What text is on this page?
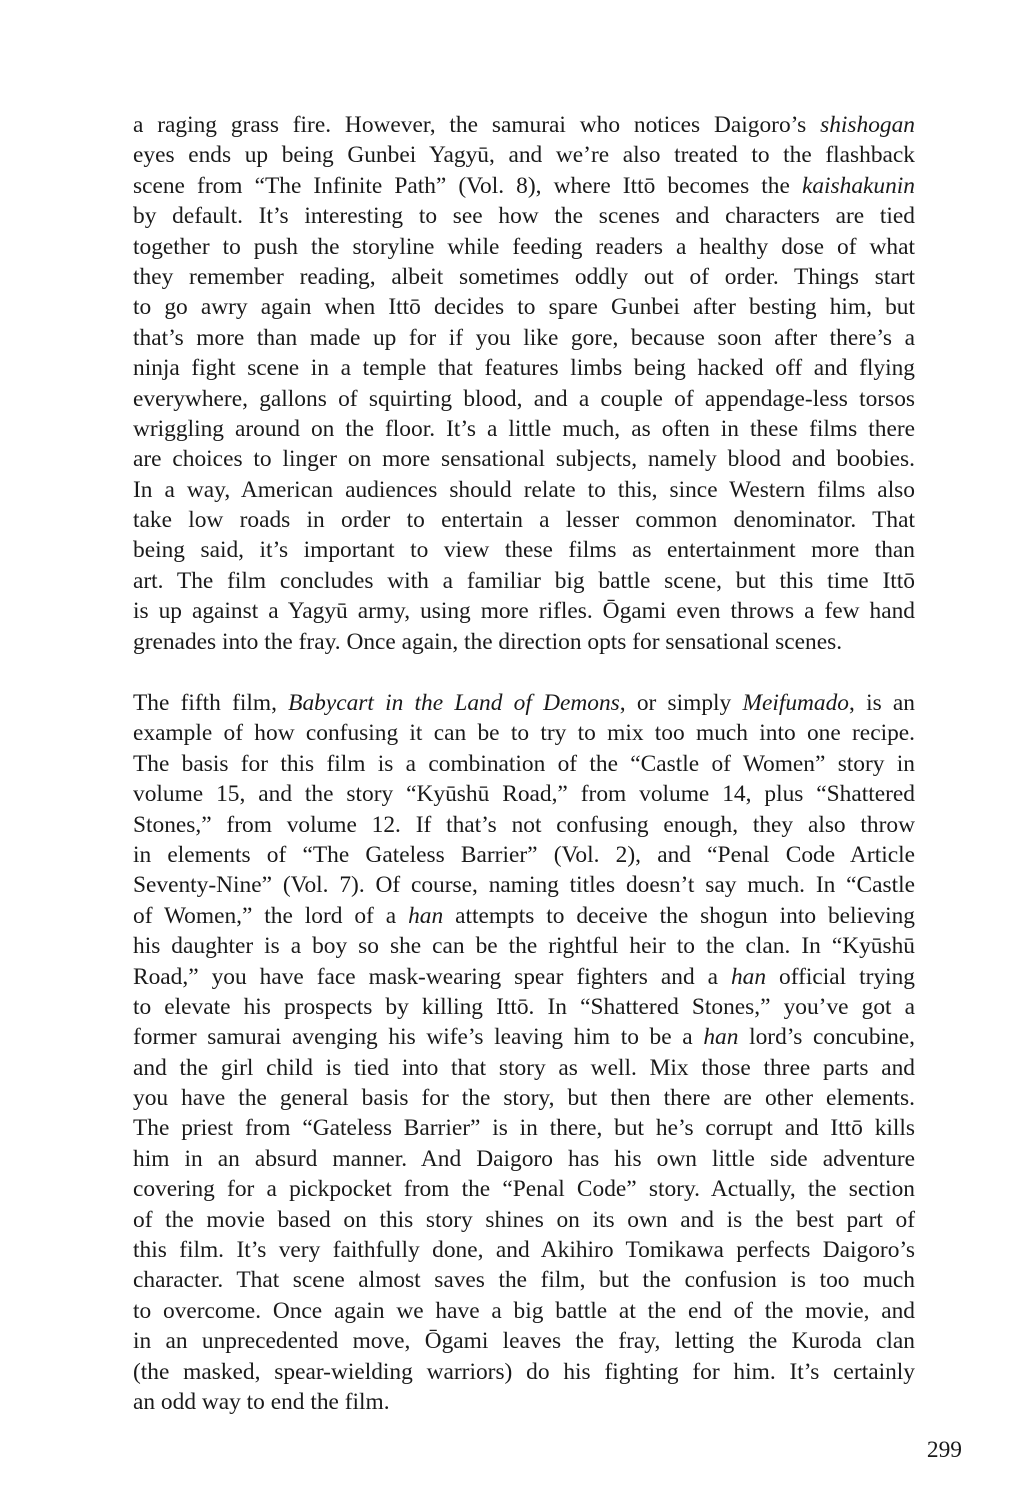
a raging grass fire. However, the samurai who notices Daigoro’s shishogan
eyes ends up being Gunbei Yagyū, and we’re also treated to the flashback
scene from “The Infinite Path” (Vol. 8), where Ittō becomes the kaishakunin
by default. It’s interesting to see how the scenes and characters are tied
together to push the storyline while feeding readers a healthy dose of what
they remember reading, albeit sometimes oddly out of order. Things start
to go awry again when Ittō decides to spare Gunbei after besting him, but
that’s more than made up for if you like gore, because soon after there’s a
ninja fight scene in a temple that features limbs being hacked off and flying
everywhere, gallons of squirting blood, and a couple of appendage-less torsos
wriggling around on the floor. It’s a little much, as often in these films there
are choices to linger on more sensational subjects, namely blood and boobies.
In a way, American audiences should relate to this, since Western films also
take low roads in order to entertain a lesser common denominator. That
being said, it’s important to view these films as entertainment more than
art. The film concludes with a familiar big battle scene, but this time Ittō
is up against a Yagyū army, using more rifles. Ōgami even throws a few hand
grenades into the fray. Once again, the direction opts for sensational scenes.
The fifth film, Babycart in the Land of Demons, or simply Meifumado, is an
example of how confusing it can be to try to mix too much into one recipe.
The basis for this film is a combination of the “Castle of Women” story in
volume 15, and the story “Kyūshū Road,” from volume 14, plus “Shattered
Stones,” from volume 12. If that’s not confusing enough, they also throw
in elements of “The Gateless Barrier” (Vol. 2), and “Penal Code Article
Seventy-Nine” (Vol. 7). Of course, naming titles doesn’t say much. In “Castle
of Women,” the lord of a han attempts to deceive the shogun into believing
his daughter is a boy so she can be the rightful heir to the clan. In “Kyūshū
Road,” you have face mask-wearing spear fighters and a han official trying
to elevate his prospects by killing Ittō. In “Shattered Stones,” you’ve got a
former samurai avenging his wife’s leaving him to be a han lord’s concubine,
and the girl child is tied into that story as well. Mix those three parts and
you have the general basis for the story, but then there are other elements.
The priest from “Gateless Barrier” is in there, but he’s corrupt and Ittō kills
him in an absurd manner. And Daigoro has his own little side adventure
covering for a pickpocket from the “Penal Code” story. Actually, the section
of the movie based on this story shines on its own and is the best part of
this film. It’s very faithfully done, and Akihiro Tomikawa perfects Daigoro’s
character. That scene almost saves the film, but the confusion is too much
to overcome. Once again we have a big battle at the end of the movie, and
in an unprecedented move, Ōgami leaves the fray, letting the Kuroda clan
(the masked, spear-wielding warriors) do his fighting for him. It’s certainly
an odd way to end the film.
299
